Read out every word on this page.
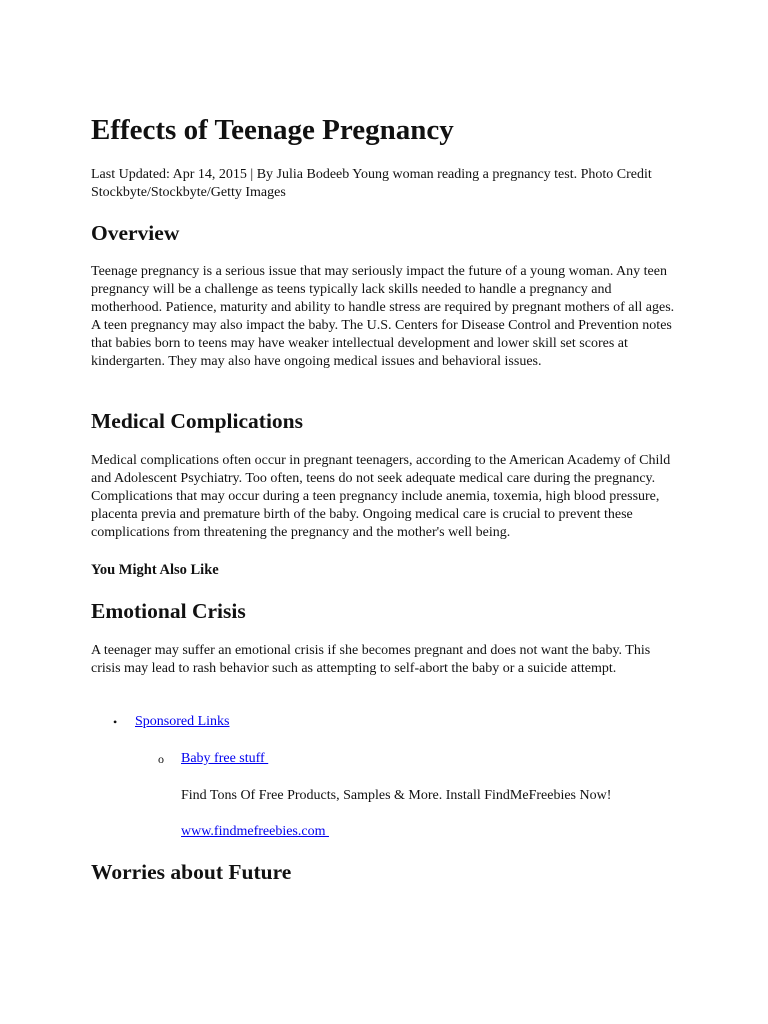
Effects of Teenage Pregnancy

Last Updated: Apr 14, 2015 | By Julia Bodeeb Young woman reading a pregnancy test. Photo Credit Stockbyte/Stockbyte/Getty Images

Overview

Teenage pregnancy is a serious issue that may seriously impact the future of a young woman. Any teen pregnancy will be a challenge as teens typically lack skills needed to handle a pregnancy and motherhood. Patience, maturity and ability to handle stress are required by pregnant mothers of all ages. A teen pregnancy may also impact the baby. The U.S. Centers for Disease Control and Prevention notes that babies born to teens may have weaker intellectual development and lower skill set scores at kindergarten. They may also have ongoing medical issues and behavioral issues.

Medical Complications

Medical complications often occur in pregnant teenagers, according to the American Academy of Child and Adolescent Psychiatry. Too often, teens do not seek adequate medical care during the pregnancy. Complications that may occur during a teen pregnancy include anemia, toxemia, high blood pressure, placenta previa and premature birth of the baby. Ongoing medical care is crucial to prevent these complications from threatening the pregnancy and the mother's well being.

You Might Also Like
Emotional Crisis

A teenager may suffer an emotional crisis if she becomes pregnant and does not want the baby. This crisis may lead to rash behavior such as attempting to self-abort the baby or a suicide attempt.

• Sponsored Links
o Baby free stuff

Find Tons Of Free Products, Samples & More. Install FindMeFreebies Now!

www.findmefreebies.com
Worries about Future
